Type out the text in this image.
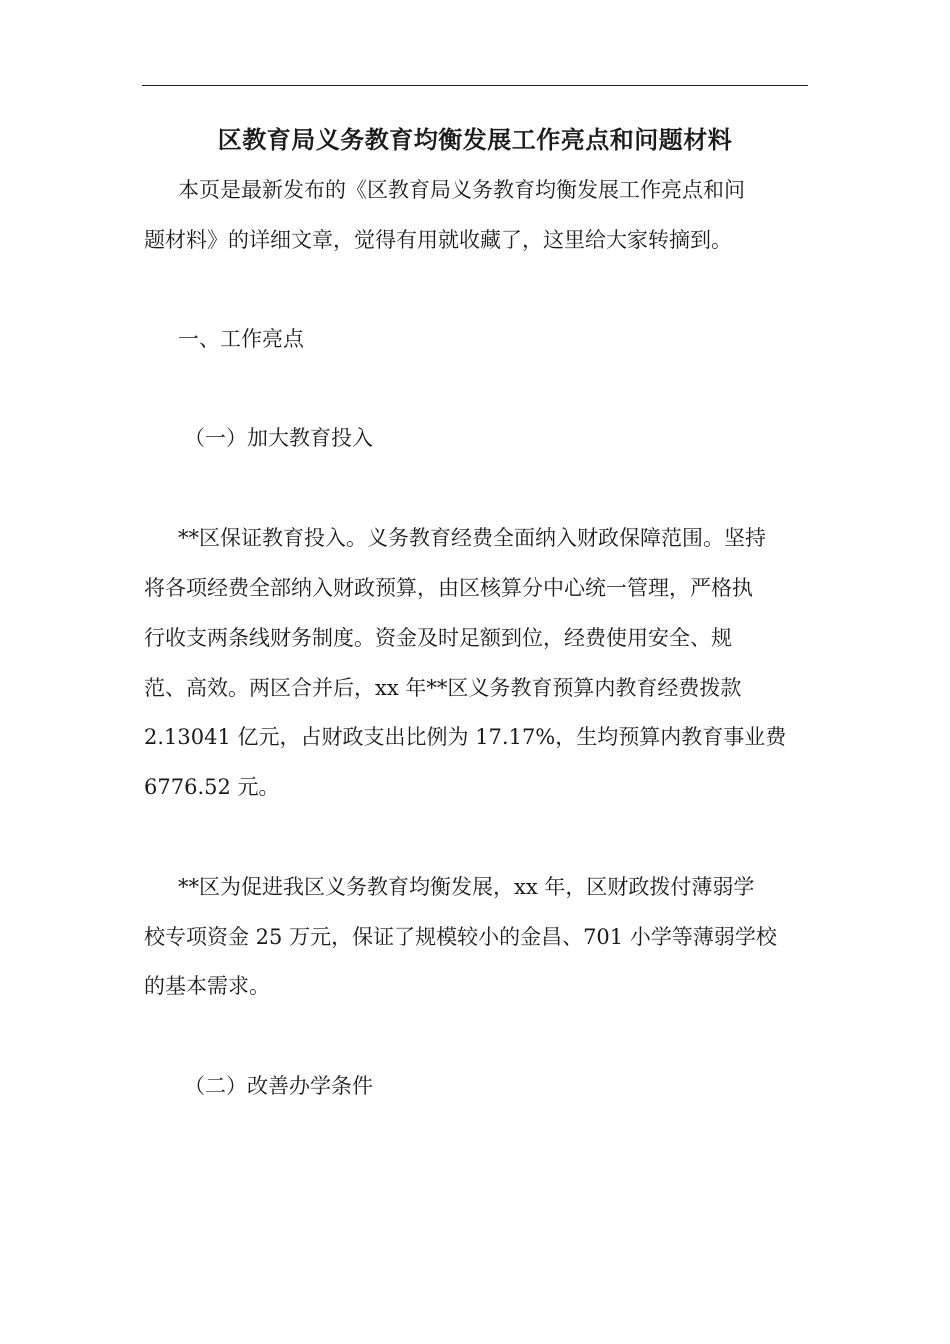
区教育局义务教育均衡发展工作亮点和问题材料
本页是最新发布的《区教育局义务教育均衡发展工作亮点和问
题材料》的详细文章，觉得有用就收藏了，这里给大家转摘到。
一、工作亮点
（一）加大教育投入
**区保证教育投入。义务教育经费全面纳入财政保障范围。坚持
将各项经费全部纳入财政预算，由区核算分中心统一管理，严格执
行收支两条线财务制度。资金及时足额到位，经费使用安全、规
范、高效。两区合并后，xx 年**区义务教育预算内教育经费拨款
2.13041 亿元，占财政支出比例为 17.17%，生均预算内教育事业费
6776.52 元。
**区为促进我区义务教育均衡发展，xx 年，区财政拨付薄弱学
校专项资金 25 万元，保证了规模较小的金昌、701 小学等薄弱学校
的基本需求。
（二）改善办学条件
